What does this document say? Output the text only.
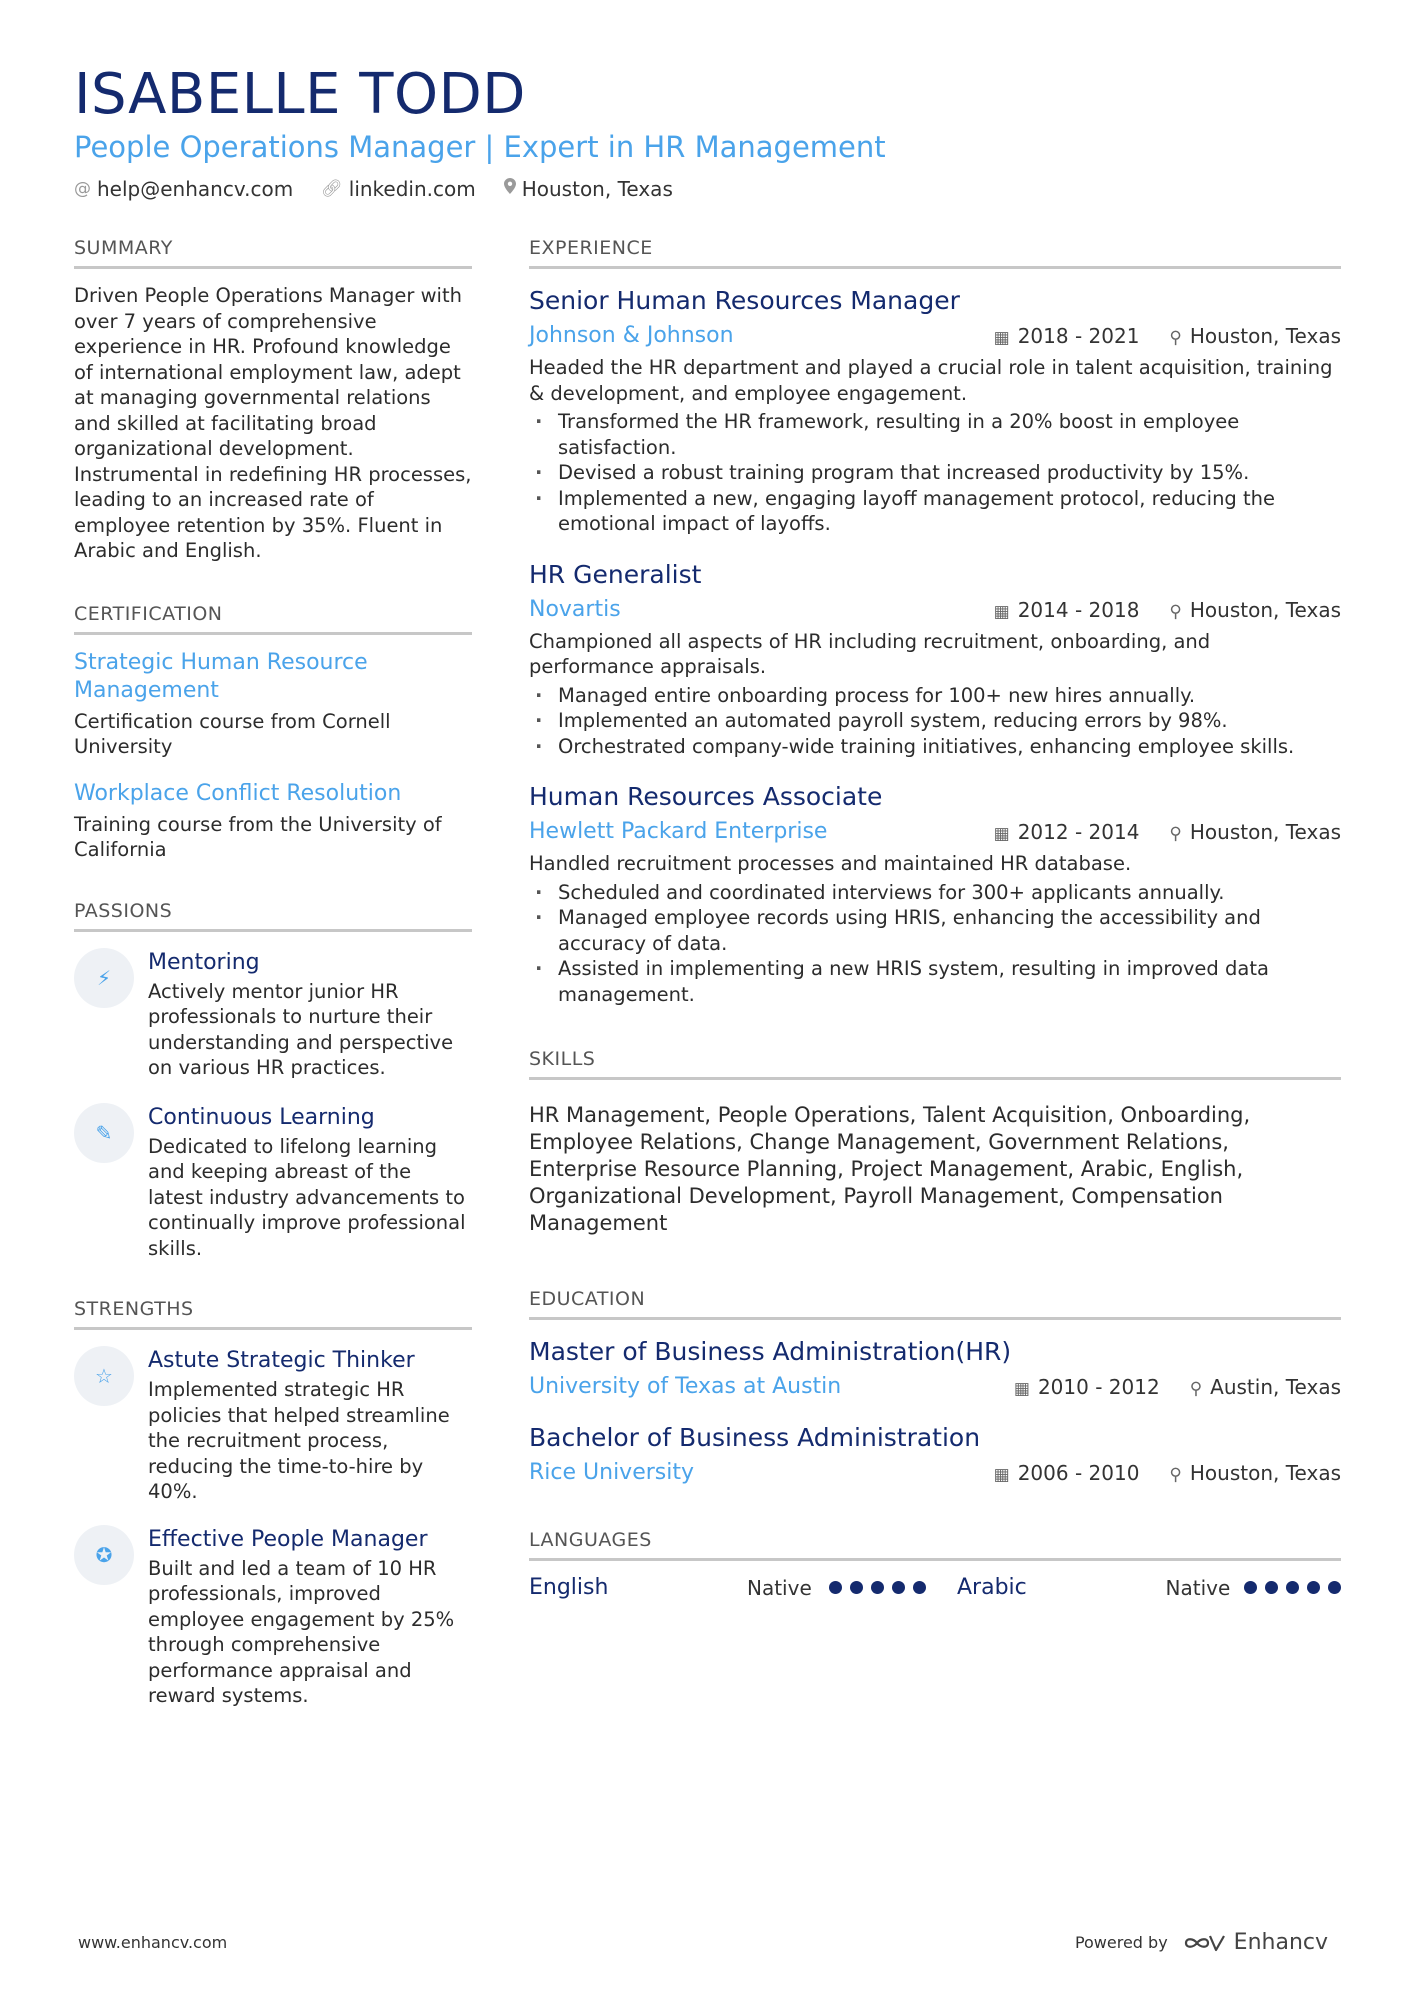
ISABELLE TODD
People Operations Manager | Expert in HR Management
@ help@enhancv.com 🔗︎ linkedin.com Houston, Texas
SUMMARY

Driven People Operations Manager with over 7 years of comprehensive experience in HR. Profound knowledge of international employment law, adept at managing governmental relations and skilled at facilitating broad organizational development. Instrumental in redefining HR processes, leading to an increased rate of employee retention by 35%. Fluent in Arabic and English.

CERTIFICATION
Strategic Human Resource Management
Certification course from Cornell University
Workplace Conflict Resolution
Training course from the University of California
PASSIONS
⚡
Mentoring
Actively mentor junior HR professionals to nurture their understanding and perspective on various HR practices.
✎
Continuous Learning
Dedicated to lifelong learning and keeping abreast of the latest industry advancements to continually improve professional skills.
STRENGTHS
☆
Astute Strategic Thinker
Implemented strategic HR policies that helped streamline the recruitment process, reducing the time-to-hire by 40%.
✪
Effective People Manager
Built and led a team of 10 HR professionals, improved employee engagement by 25% through comprehensive performance appraisal and reward systems.
EXPERIENCE
Senior Human Resources Manager
Johnson & Johnson	▦ 2018 - 2021 ⚲ Houston, Texas

Headed the HR department and played a crucial role in talent acquisition, training & development, and employee engagement.

· Transformed the HR framework, resulting in a 20% boost in employee satisfaction.
· Devised a robust training program that increased productivity by 15%.
· Implemented a new, engaging layoff management protocol, reducing the emotional impact of layoffs.
HR Generalist
Novartis	▦ 2014 - 2018 ⚲ Houston, Texas

Championed all aspects of HR including recruitment, onboarding, and performance appraisals.

· Managed entire onboarding process for 100+ new hires annually.
· Implemented an automated payroll system, reducing errors by 98%.
· Orchestrated company-wide training initiatives, enhancing employee skills.
Human Resources Associate
Hewlett Packard Enterprise	▦ 2012 - 2014 ⚲ Houston, Texas

Handled recruitment processes and maintained HR database.

· Scheduled and coordinated interviews for 300+ applicants annually.
· Managed employee records using HRIS, enhancing the accessibility and accuracy of data.
· Assisted in implementing a new HRIS system, resulting in improved data management.
SKILLS

HR Management, People Operations, Talent Acquisition, Onboarding, Employee Relations, Change Management, Government Relations, Enterprise Resource Planning, Project Management, Arabic, English, Organizational Development, Payroll Management, Compensation Management

EDUCATION
Master of Business Administration(HR)
University of Texas at Austin	▦ 2010 - 2012 ⚲ Austin, Texas
Bachelor of Business Administration
Rice University	▦ 2006 - 2010 ⚲ Houston, Texas
LANGUAGES
English	Native	Arabic	Native
www.enhancv.com	Powered by	Enhancv
